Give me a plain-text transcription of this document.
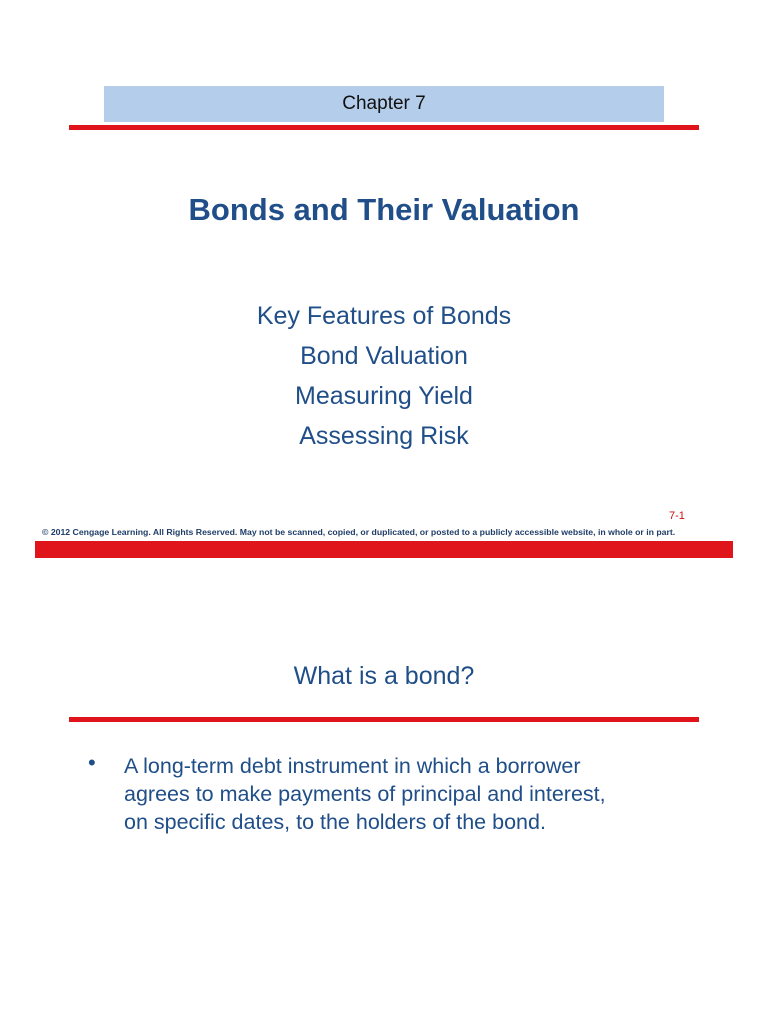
Chapter 7
Bonds and Their Valuation
Key Features of Bonds
Bond Valuation
Measuring Yield
Assessing Risk
7-1
© 2012 Cengage Learning. All Rights Reserved. May not be scanned, copied, or duplicated, or posted to a publicly accessible website, in whole or in part.
What is a bond?
• A long-term debt instrument in which a borrower
agrees to make payments of principal and interest,
on specific dates, to the holders of the bond.
